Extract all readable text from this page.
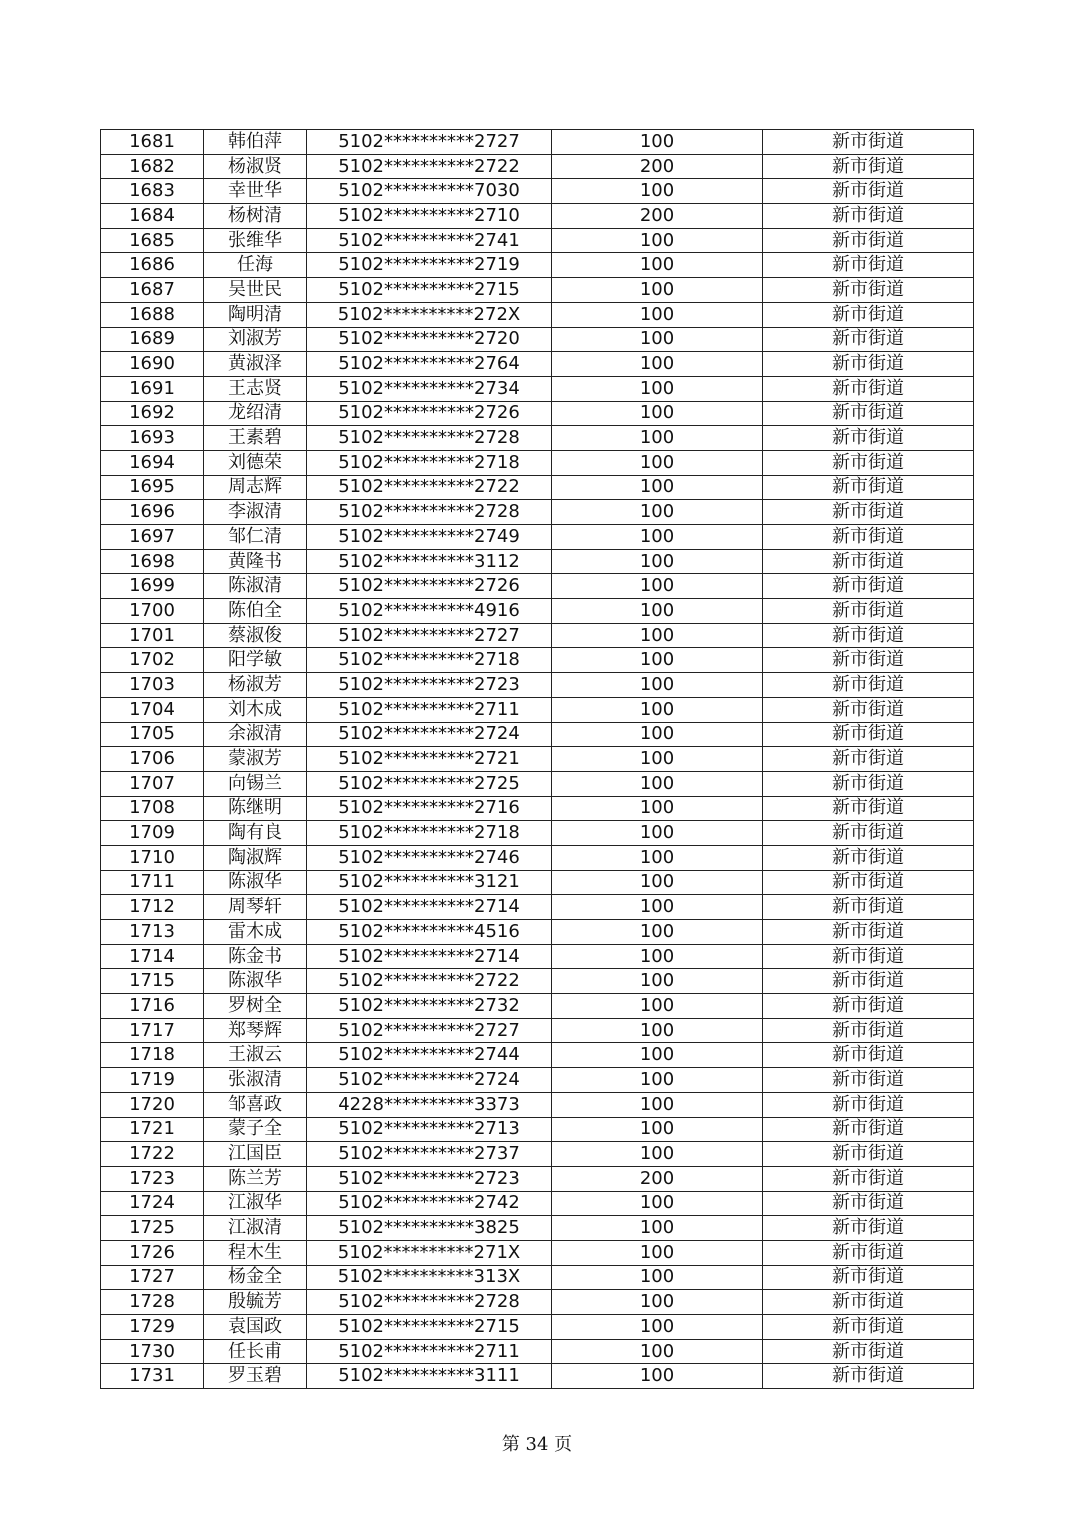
1681	韩伯萍	5102**********2727	100	新市街道
1682	杨淑贤	5102**********2722	200	新市街道
1683	幸世华	5102**********7030	100	新市街道
1684	杨树清	5102**********2710	200	新市街道
1685	张维华	5102**********2741	100	新市街道
1686	任海	5102**********2719	100	新市街道
1687	吴世民	5102**********2715	100	新市街道
1688	陶明清	5102**********272X	100	新市街道
1689	刘淑芳	5102**********2720	100	新市街道
1690	黄淑泽	5102**********2764	100	新市街道
1691	王志贤	5102**********2734	100	新市街道
1692	龙绍清	5102**********2726	100	新市街道
1693	王素碧	5102**********2728	100	新市街道
1694	刘德荣	5102**********2718	100	新市街道
1695	周志辉	5102**********2722	100	新市街道
1696	李淑清	5102**********2728	100	新市街道
1697	邹仁清	5102**********2749	100	新市街道
1698	黄隆书	5102**********3112	100	新市街道
1699	陈淑清	5102**********2726	100	新市街道
1700	陈伯全	5102**********4916	100	新市街道
1701	蔡淑俊	5102**********2727	100	新市街道
1702	阳学敏	5102**********2718	100	新市街道
1703	杨淑芳	5102**********2723	100	新市街道
1704	刘木成	5102**********2711	100	新市街道
1705	余淑清	5102**********2724	100	新市街道
1706	蒙淑芳	5102**********2721	100	新市街道
1707	向锡兰	5102**********2725	100	新市街道
1708	陈继明	5102**********2716	100	新市街道
1709	陶有良	5102**********2718	100	新市街道
1710	陶淑辉	5102**********2746	100	新市街道
1711	陈淑华	5102**********3121	100	新市街道
1712	周琴轩	5102**********2714	100	新市街道
1713	雷木成	5102**********4516	100	新市街道
1714	陈金书	5102**********2714	100	新市街道
1715	陈淑华	5102**********2722	100	新市街道
1716	罗树全	5102**********2732	100	新市街道
1717	郑琴辉	5102**********2727	100	新市街道
1718	王淑云	5102**********2744	100	新市街道
1719	张淑清	5102**********2724	100	新市街道
1720	邹喜政	4228**********3373	100	新市街道
1721	蒙子全	5102**********2713	100	新市街道
1722	江国臣	5102**********2737	100	新市街道
1723	陈兰芳	5102**********2723	200	新市街道
1724	江淑华	5102**********2742	100	新市街道
1725	江淑清	5102**********3825	100	新市街道
1726	程木生	5102**********271X	100	新市街道
1727	杨金全	5102**********313X	100	新市街道
1728	殷毓芳	5102**********2728	100	新市街道
1729	袁国政	5102**********2715	100	新市街道
1730	任长甫	5102**********2711	100	新市街道
1731	罗玉碧	5102**********3111	100	新市街道
第 34 页
